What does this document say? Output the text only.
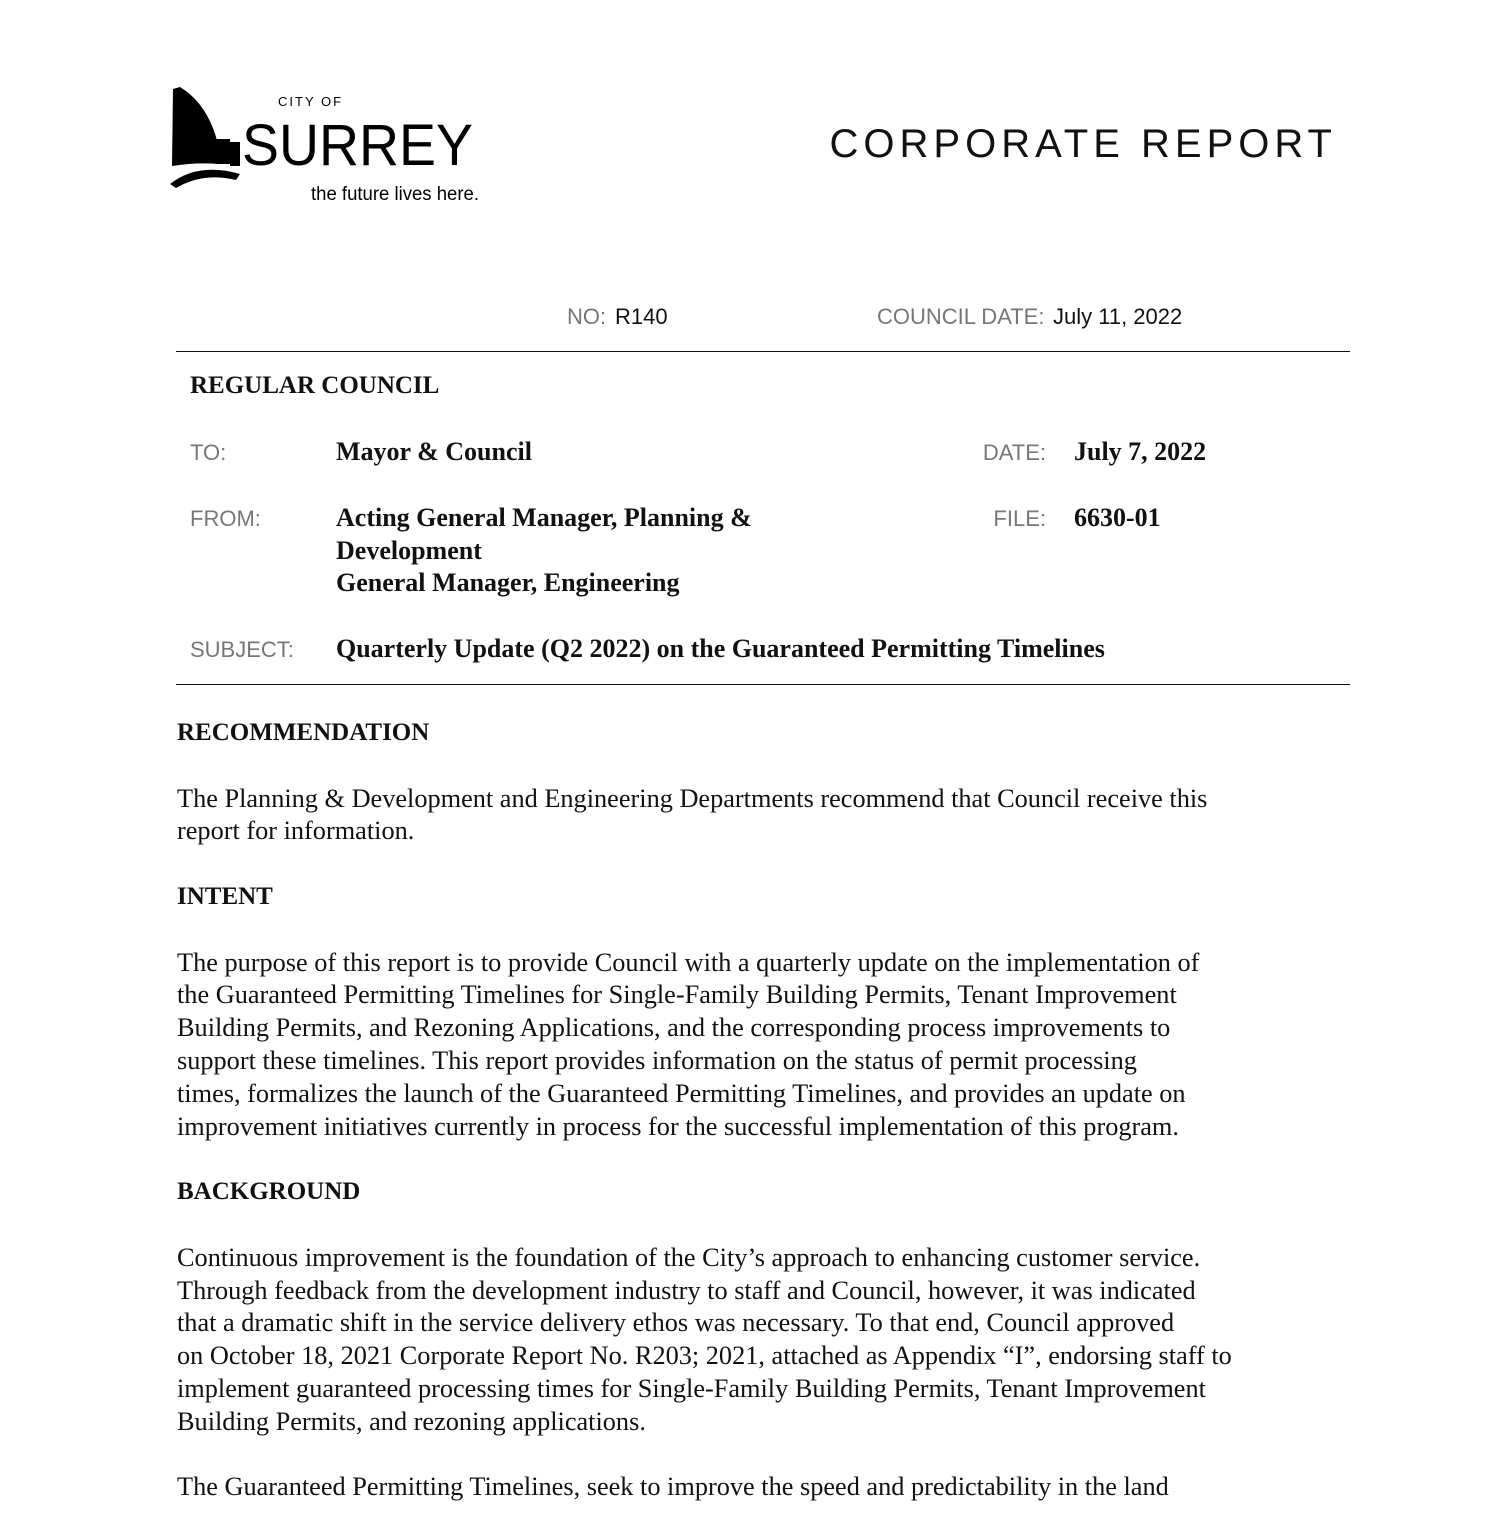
CITY OF
SURREY
the future lives here.
CORPORATE REPORT
NO: R140	COUNCIL DATE: July 11, 2022
REGULAR COUNCIL
TO:	Mayor & Council	DATE: July 7, 2022
FROM:	Acting General Manager, Planning &
Development
General Manager, Engineering
FILE: 6630-01
SUBJECT: Quarterly Update (Q2 2022) on the Guaranteed Permitting Timelines
RECOMMENDATION

The Planning & Development and Engineering Departments recommend that Council receive this
report for information.

INTENT

The purpose of this report is to provide Council with a quarterly update on the implementation of
the Guaranteed Permitting Timelines for Single-Family Building Permits, Tenant Improvement
Building Permits, and Rezoning Applications, and the corresponding process improvements to
support these timelines. This report provides information on the status of permit processing
times, formalizes the launch of the Guaranteed Permitting Timelines, and provides an update on
improvement initiatives currently in process for the successful implementation of this program.

BACKGROUND

Continuous improvement is the foundation of the City’s approach to enhancing customer service.
Through feedback from the development industry to staff and Council, however, it was indicated
that a dramatic shift in the service delivery ethos was necessary. To that end, Council approved
on October 18, 2021 Corporate Report No. R203; 2021, attached as Appendix “I”, endorsing staff to
implement guaranteed processing times for Single-Family Building Permits, Tenant Improvement
Building Permits, and rezoning applications.

The Guaranteed Permitting Timelines, seek to improve the speed and predictability in the land
